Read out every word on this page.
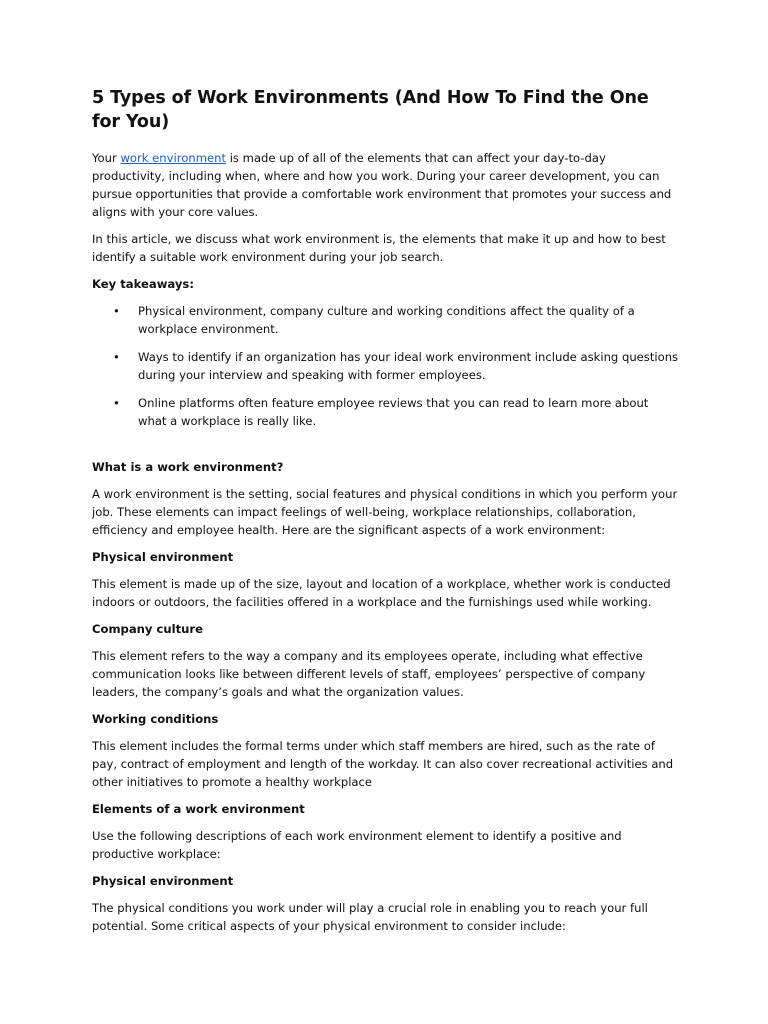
5 Types of Work Environments (And How To Find the One for You)

Your work environment is made up of all of the elements that can affect your day-to-day productivity, including when, where and how you work. During your career development, you can pursue opportunities that provide a comfortable work environment that promotes your success and aligns with your core values.

In this article, we discuss what work environment is, the elements that make it up and how to best identify a suitable work environment during your job search.

Key takeaways:

• Physical environment, company culture and working conditions affect the quality of a workplace environment.
• Ways to identify if an organization has your ideal work environment include asking questions during your interview and speaking with former employees.
• Online platforms often feature employee reviews that you can read to learn more about what a workplace is really like.

What is a work environment?

A work environment is the setting, social features and physical conditions in which you perform your job. These elements can impact feelings of well-being, workplace relationships, collaboration, efficiency and employee health. Here are the significant aspects of a work environment:

Physical environment

This element is made up of the size, layout and location of a workplace, whether work is conducted indoors or outdoors, the facilities offered in a workplace and the furnishings used while working.

Company culture

This element refers to the way a company and its employees operate, including what effective communication looks like between different levels of staff, employees’ perspective of company leaders, the company’s goals and what the organization values.

Working conditions

This element includes the formal terms under which staff members are hired, such as the rate of pay, contract of employment and length of the workday. It can also cover recreational activities and other initiatives to promote a healthy workplace

Elements of a work environment

Use the following descriptions of each work environment element to identify a positive and productive workplace:

Physical environment

The physical conditions you work under will play a crucial role in enabling you to reach your full potential. Some critical aspects of your physical environment to consider include:
